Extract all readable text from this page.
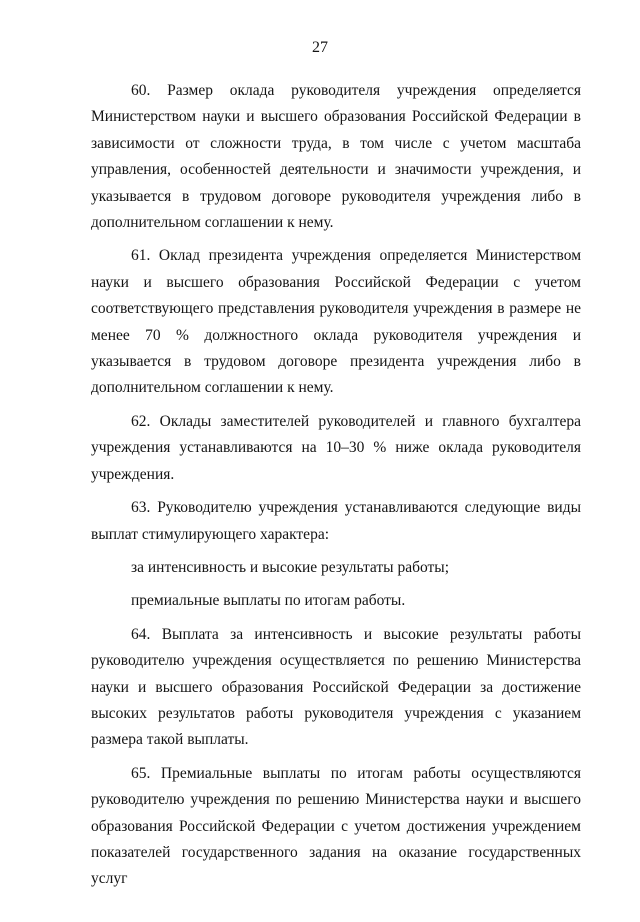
27

60. Размер оклада руководителя учреждения определяется Министерством науки и высшего образования Российской Федерации в зависимости от сложности труда, в том числе с учетом масштаба управления, особенностей деятельности и значимости учреждения, и указывается в трудовом договоре руководителя учреждения либо в дополнительном соглашении к нему.

61. Оклад президента учреждения определяется Министерством науки и высшего образования Российской Федерации с учетом соответствующего представления руководителя учреждения в размере не менее 70 % должностного оклада руководителя учреждения и указывается в трудовом договоре президента учреждения либо в дополнительном соглашении к нему.

62. Оклады заместителей руководителей и главного бухгалтера учреждения устанавливаются на 10–30 % ниже оклада руководителя учреждения.

63. Руководителю учреждения устанавливаются следующие виды выплат стимулирующего характера:

за интенсивность и высокие результаты работы;

премиальные выплаты по итогам работы.

64. Выплата за интенсивность и высокие результаты работы руководителю учреждения осуществляется по решению Министерства науки и высшего образования Российской Федерации за достижение высоких результатов работы руководителя учреждения с указанием размера такой выплаты.

65. Премиальные выплаты по итогам работы осуществляются руководителю учреждения по решению Министерства науки и высшего образования Российской Федерации с учетом достижения учреждением показателей государственного задания на оказание государственных услуг
